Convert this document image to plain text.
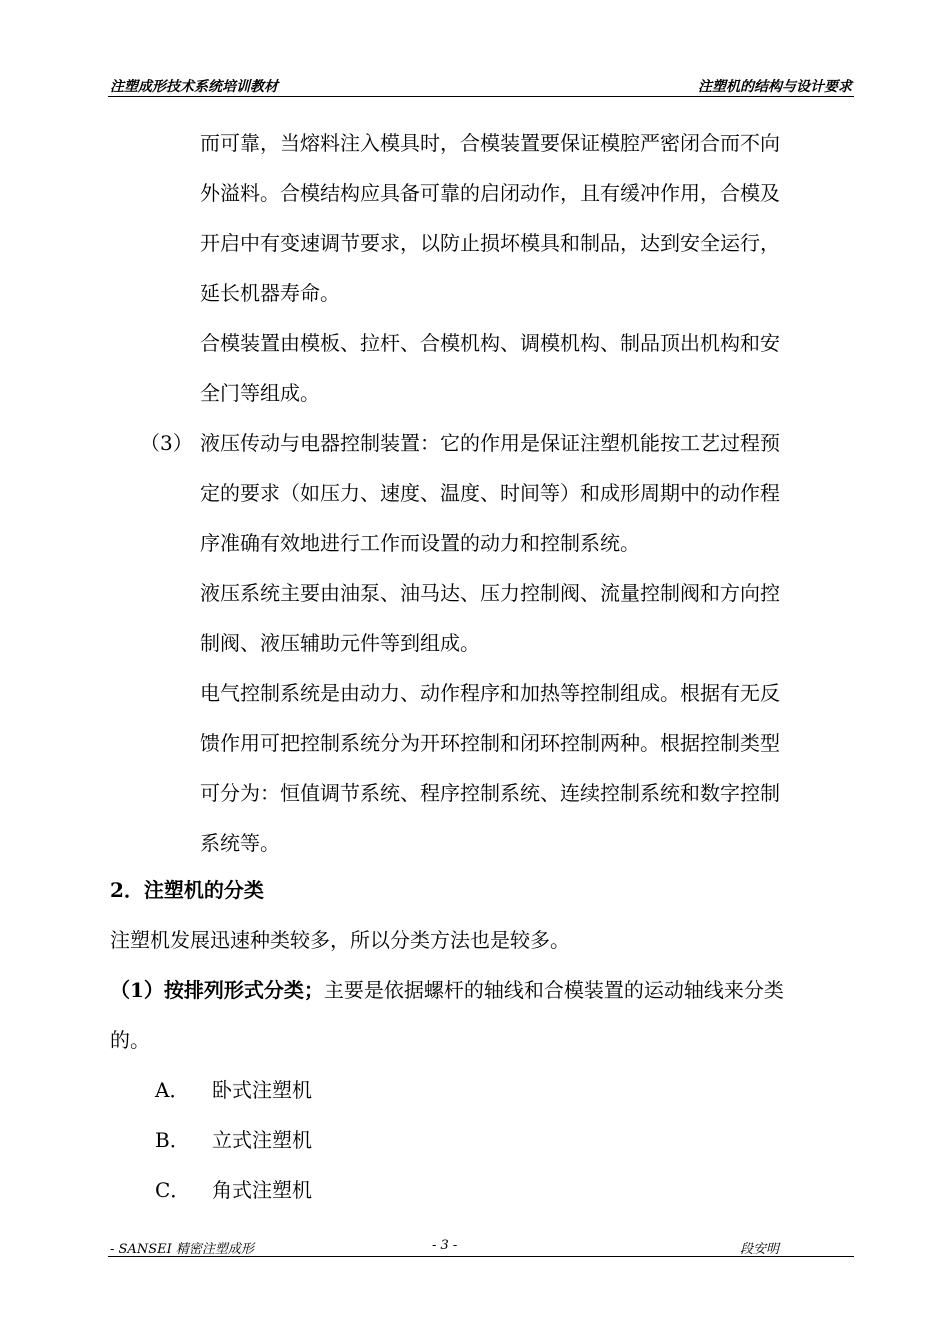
注塑成形技术系统培训教材	注塑机的结构与设计要求
而可靠，当熔料注入模具时，合模装置要保证模腔严密闭合而不向
外溢料。合模结构应具备可靠的启闭动作，且有缓冲作用，合模及
开启中有变速调节要求，以防止损坏模具和制品，达到安全运行，
延长机器寿命。
合模装置由模板、拉杆、合模机构、调模机构、制品顶出机构和安
全门等组成。
（3） 液压传动与电器控制装置：它的作用是保证注塑机能按工艺过程预
定的要求（如压力、速度、温度、时间等）和成形周期中的动作程
序准确有效地进行工作而设置的动力和控制系统。
液压系统主要由油泵、油马达、压力控制阀、流量控制阀和方向控
制阀、液压辅助元件等到组成。
电气控制系统是由动力、动作程序和加热等控制组成。根据有无反
馈作用可把控制系统分为开环控制和闭环控制两种。根据控制类型
可分为：恒值调节系统、程序控制系统、连续控制系统和数字控制
系统等。
2．注塑机的分类
注塑机发展迅速种类较多，所以分类方法也是较多。
（1）按排列形式分类；主要是依据螺杆的轴线和合模装置的运动轴线来分类
的。
A． 卧式注塑机
B． 立式注塑机
C． 角式注塑机
- SANSEI 精密注塑成形	- 3 -	段安明
